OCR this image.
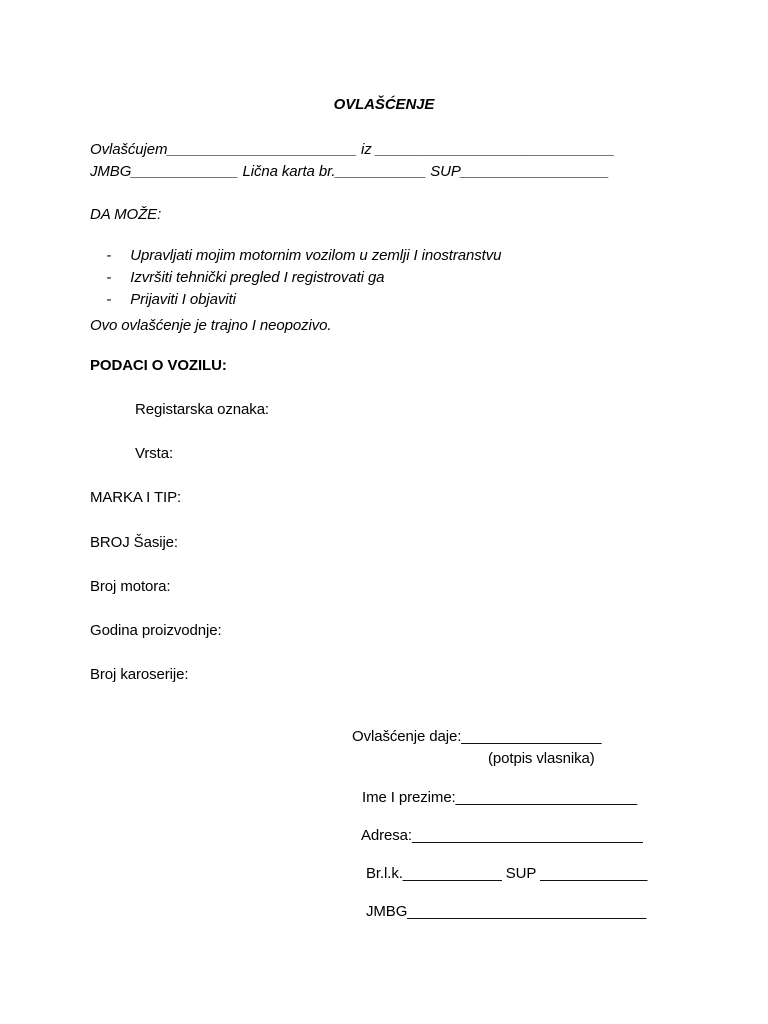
OVLAŠĆENJE
Ovlašćujem_______________________ iz _____________________________
JMBG_____________ Lična karta br.___________ SUP__________________
DA MOŽE:

- Upravljati mojim motornim vozilom u zemlji I inostranstvu

- Izvršiti tehnički pregled I registrovati ga

- Prijaviti I objaviti

Ovo ovlašćenje je trajno I neopozivo.
PODACI O VOZILU:
Registarska oznaka:
Vrsta:
MARKA I TIP:
BROJ Šasije:
Broj motora:
Godina proizvodnje:
Broj karoserije:
Ovlašćenje daje:_________________
(potpis vlasnika)
Ime I prezime:______________________
Adresa:____________________________
Br.l.k.____________ SUP _____________
JMBG_____________________________
